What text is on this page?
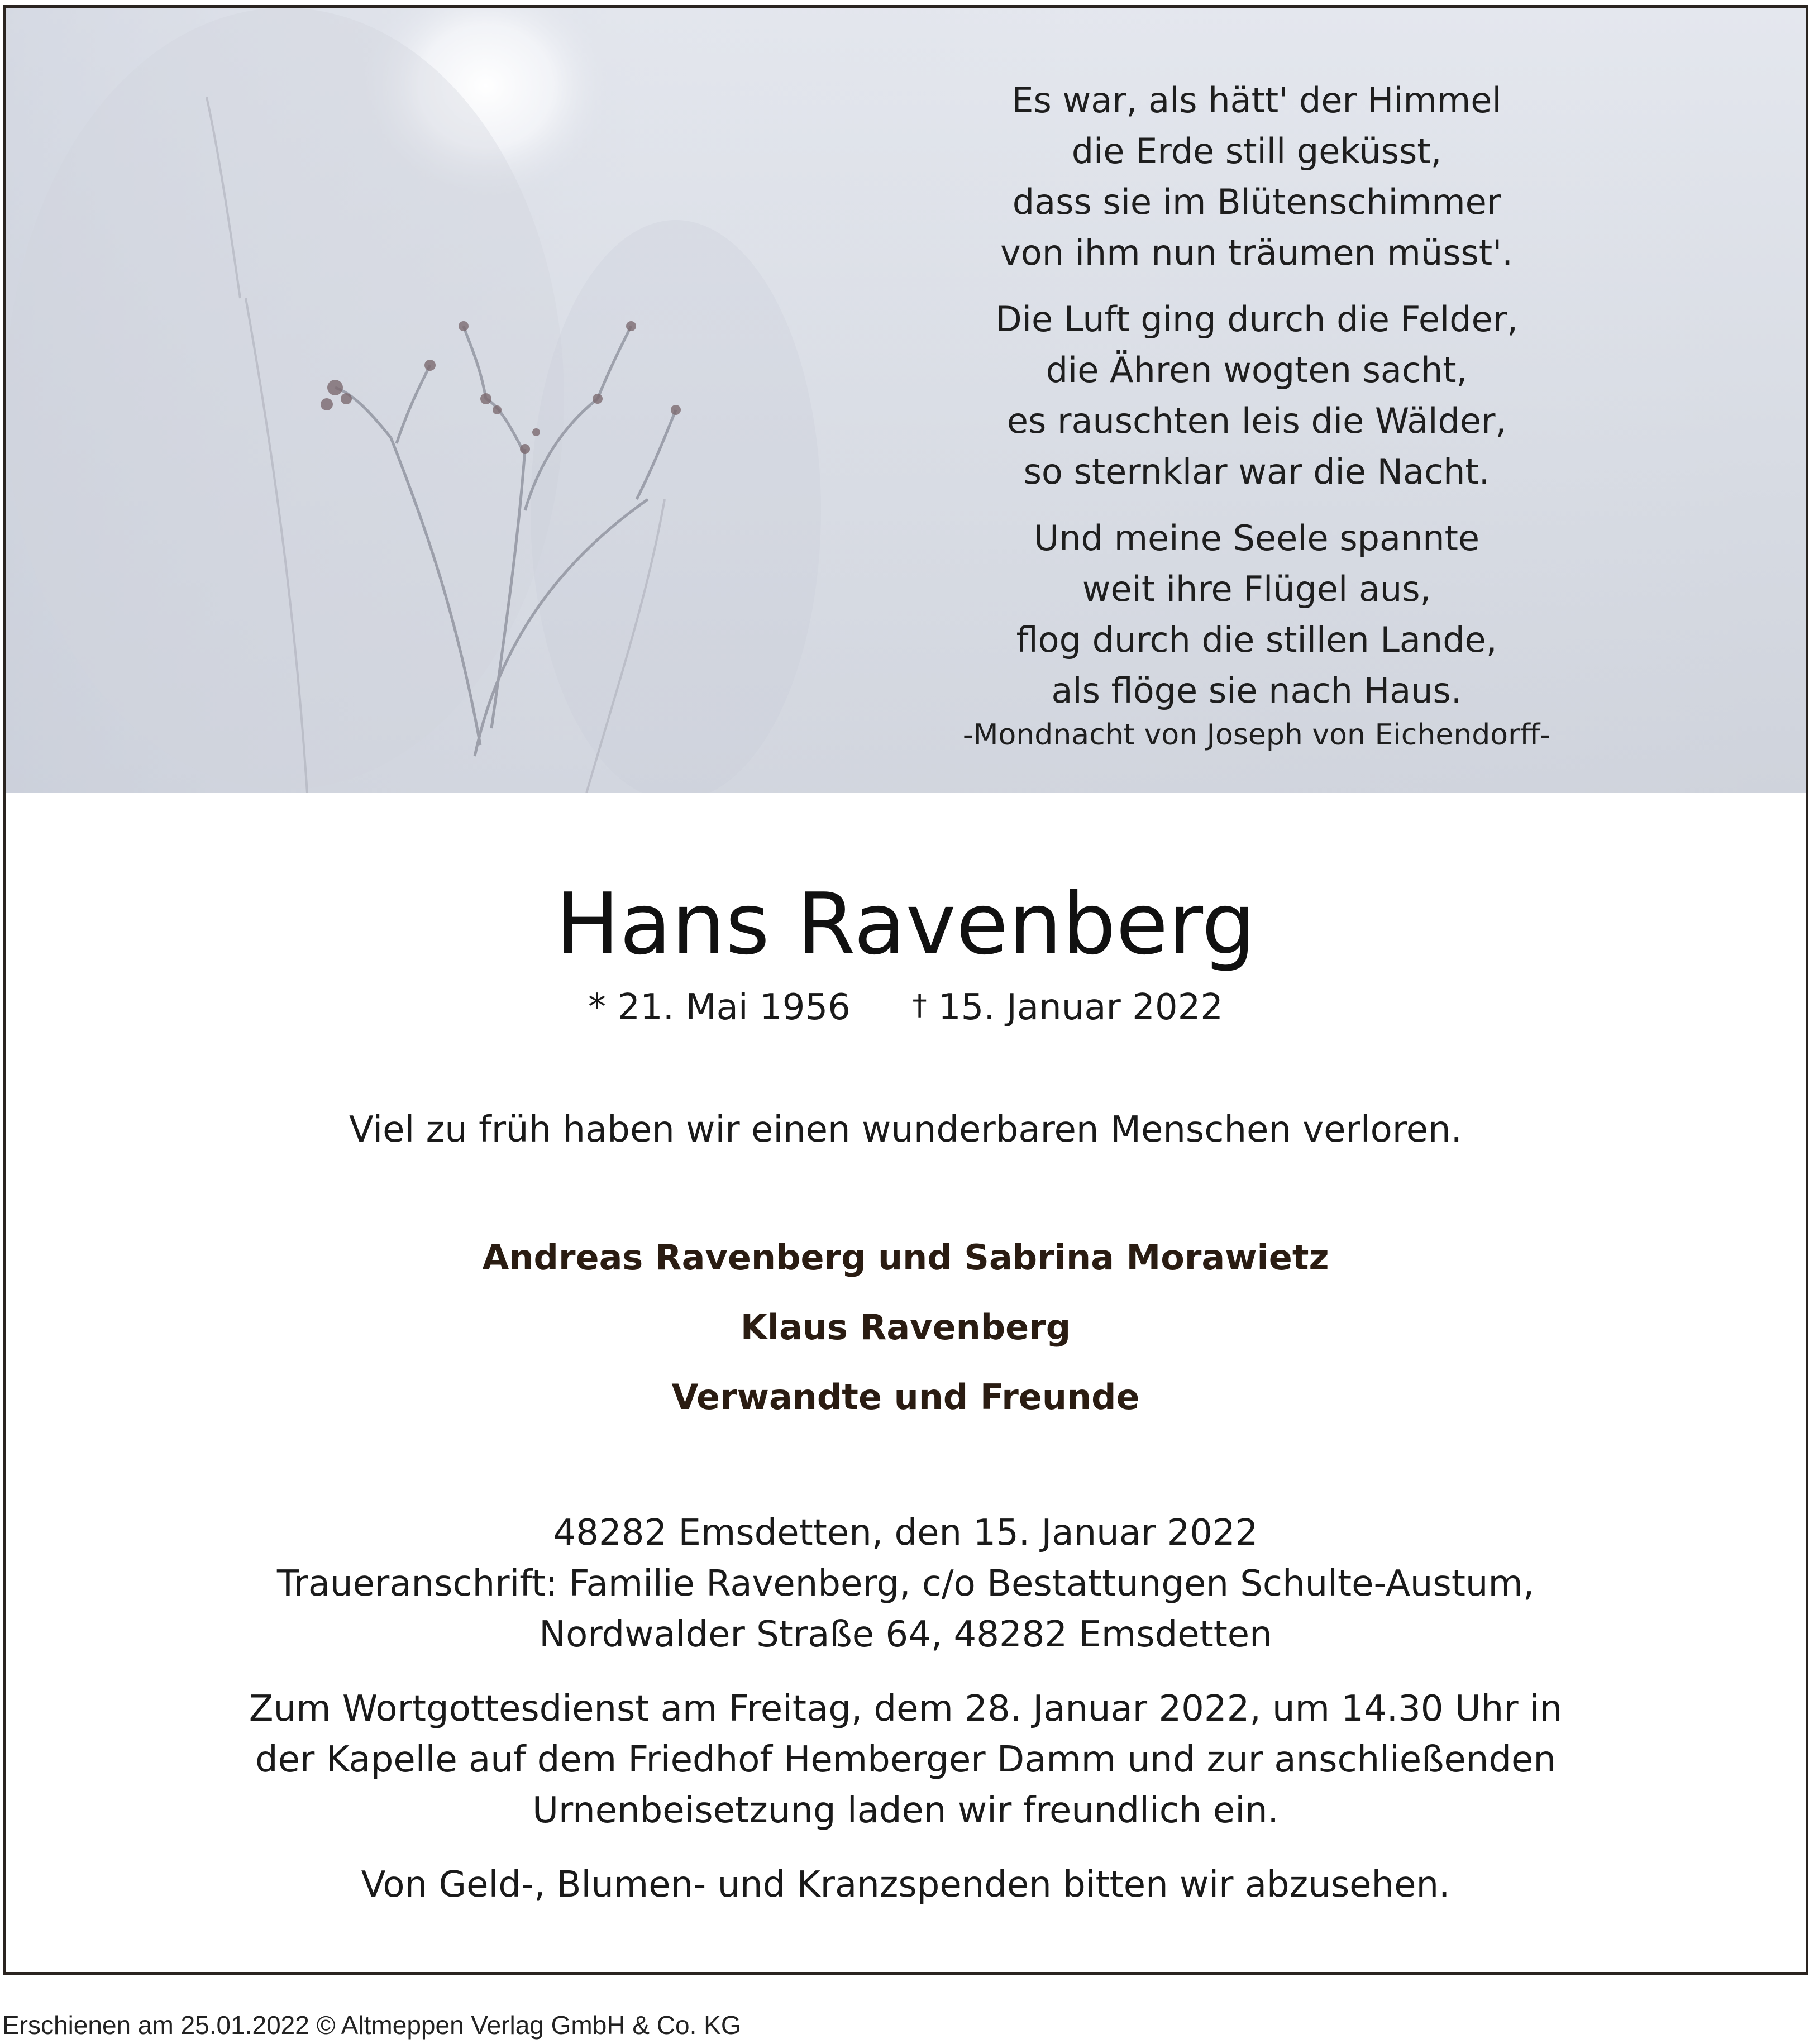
Es war, als hätt' der Himmel
die Erde still geküsst,
dass sie im Blütenschimmer
von ihm nun träumen müsst'.
Die Luft ging durch die Felder,
die Ähren wogten sacht,
es rauschten leis die Wälder,
so sternklar war die Nacht.
Und meine Seele spannte
weit ihre Flügel aus,
flog durch die stillen Lande,
als flöge sie nach Haus.
-Mondnacht von Joseph von Eichendorff-
Hans Ravenberg
* 21. Mai 1956 † 15. Januar 2022
Viel zu früh haben wir einen wunderbaren Menschen verloren.
Andreas Ravenberg und Sabrina Morawietz
Klaus Ravenberg
Verwandte und Freunde
48282 Emsdetten, den 15. Januar 2022
Traueranschrift: Familie Ravenberg, c/o Bestattungen Schulte-Austum,
Nordwalder Straße 64, 48282 Emsdetten
Zum Wortgottesdienst am Freitag, dem 28. Januar 2022, um 14.30 Uhr in
der Kapelle auf dem Friedhof Hemberger Damm und zur anschließenden
Urnenbeisetzung laden wir freundlich ein.
Von Geld-, Blumen- und Kranzspenden bitten wir abzusehen.
Erschienen am 25.01.2022 © Altmeppen Verlag GmbH & Co. KG
